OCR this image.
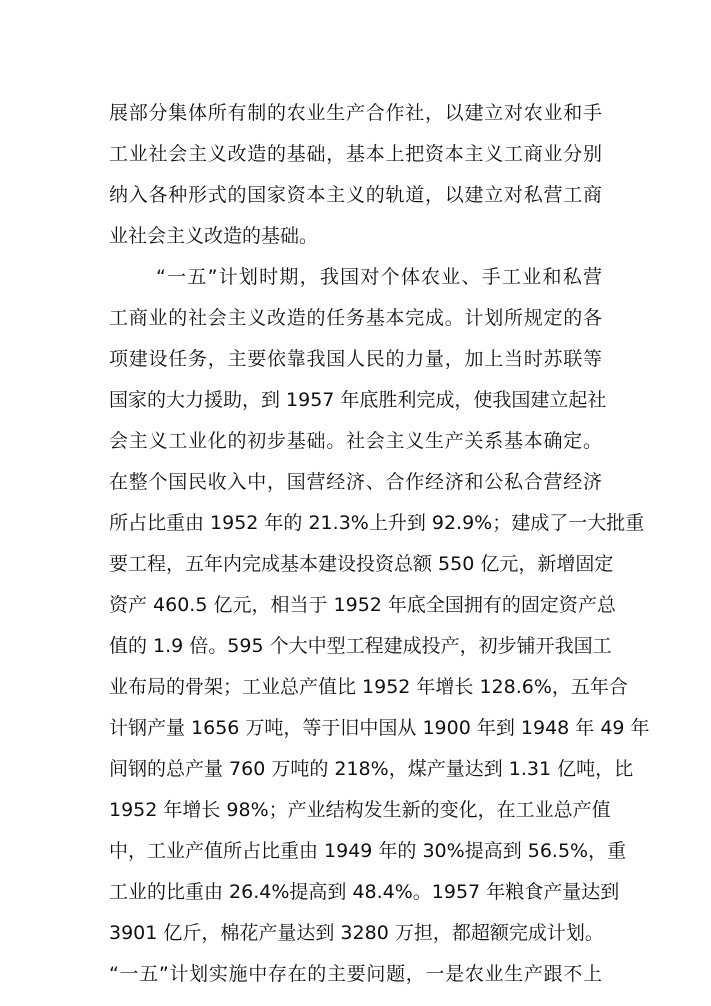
展部分集体所有制的农业生产合作社，以建立对农业和手
工业社会主义改造的基础，基本上把资本主义工商业分别
纳入各种形式的国家资本主义的轨道，以建立对私营工商
业社会主义改造的基础。
“一五”计划时期，我国对个体农业、手工业和私营
工商业的社会主义改造的任务基本完成。计划所规定的各
项建设任务，主要依靠我国人民的力量，加上当时苏联等
国家的大力援助，到 1957 年底胜利完成，使我国建立起社
会主义工业化的初步基础。社会主义生产关系基本确定。
在整个国民收入中，国营经济、合作经济和公私合营经济
所占比重由 1952 年的 21.3%上升到 92.9%；建成了一大批重
要工程，五年内完成基本建设投资总额 550 亿元，新增固定
资产 460.5 亿元，相当于 1952 年底全国拥有的固定资产总
值的 1.9 倍。595 个大中型工程建成投产，初步铺开我国工
业布局的骨架；工业总产值比 1952 年增长 128.6%，五年合
计钢产量 1656 万吨，等于旧中国从 1900 年到 1948 年 49 年
间钢的总产量 760 万吨的 218%，煤产量达到 1.31 亿吨，比
1952 年增长 98%；产业结构发生新的变化，在工业总产值
中，工业产值所占比重由 1949 年的 30%提高到 56.5%，重
工业的比重由 26.4%提高到 48.4%。1957 年粮食产量达到
3901 亿斤，棉花产量达到 3280 万担，都超额完成计划。
“一五”计划实施中存在的主要问题，一是农业生产跟不上
